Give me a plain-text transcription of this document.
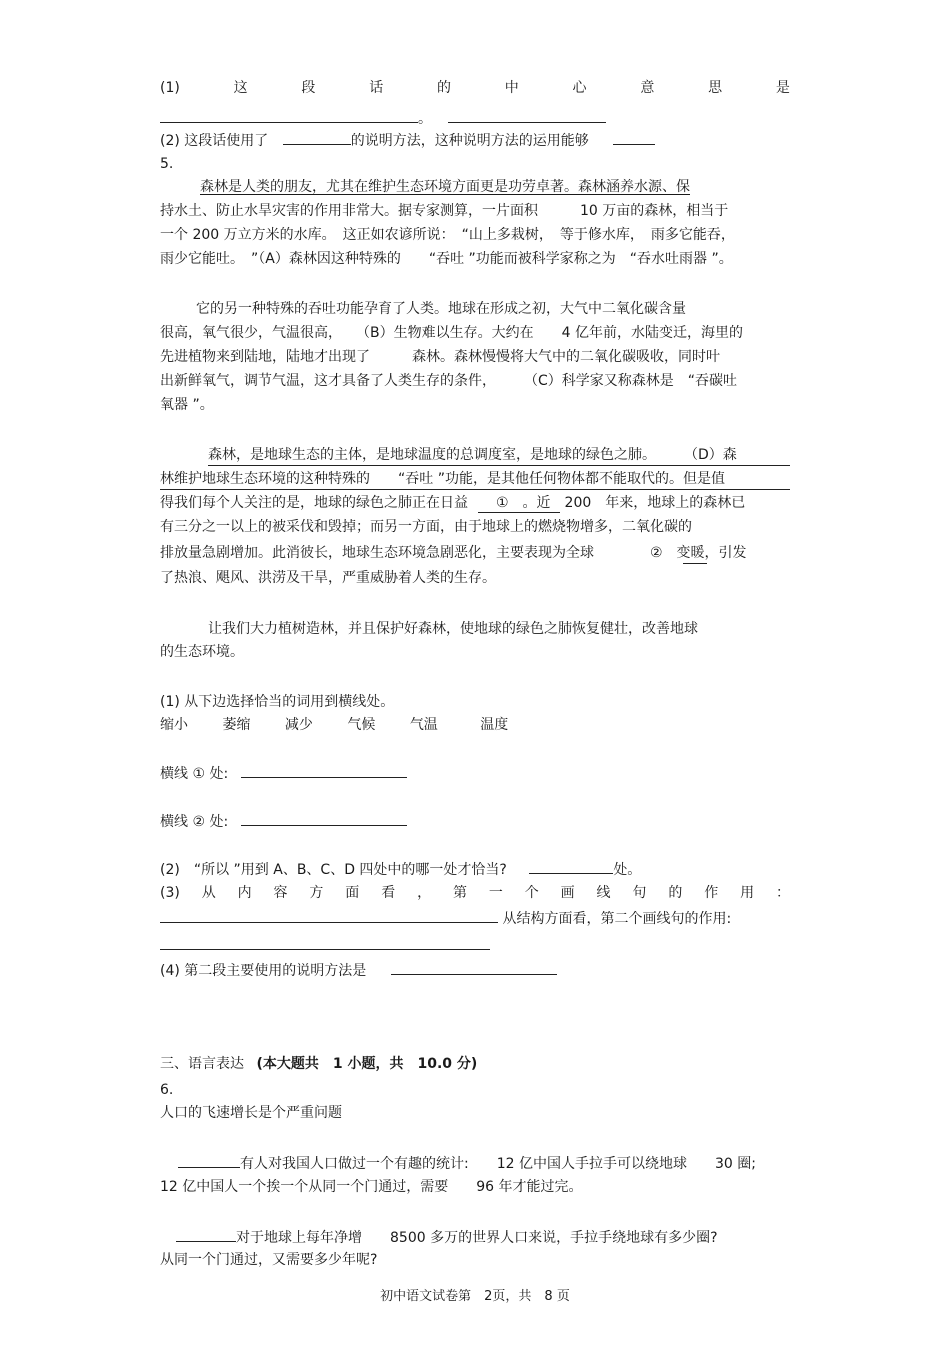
(1)	这	段	话	的	中	心	意	思	是
。
(2) 这段话使用了	的说明方法，这种说明方法的运用能够
5.
森林是人类的朋友，尤其在维护生态环境方面更是功劳卓著。森林涵养水源、保
持水土、防止水旱灾害的作用非常大。据专家测算，一片面积　　　10 万亩的森林，相当于
一个 200 万立方米的水库。　这正如农谚所说：　“山上多栽树，　等于修水库，　雨多它能吞，
雨少它能吐。　”（A）森林因这种特殊的　　“吞吐 ”功能而被科学家称之为　“吞水吐雨器 ”。
它的另一种特殊的吞吐功能孕育了人类。地球在形成之初，大气中二氧化碳含量
很高，氧气很少，气温很高，　　（B）生物难以生存。大约在　　4 亿年前，水陆变迁，海里的
先进植物来到陆地，陆地才出现了　　　森林。森林慢慢将大气中的二氧化碳吸收，同时叶
出新鲜氧气，调节气温，这才具备了人类生存的条件，　　　（C）科学家又称森林是　“吞碳吐
氧器 ”。
森林，是地球生态的主体，是地球温度的总调度室，是地球的绿色之肺。　　　（D）森
林维护地球生态环境的这种特殊的　　“吞吐 ”功能，是其他任何物体都不能取代的。但是值
得我们每个人关注的是，地球的绿色之肺正在日益　　①　。近　200　年来，地球上的森林已
有三分之一以上的被采伐和毁掉；而另一方面，由于地球上的燃烧物增多，二氧化碳的
排放量急剧增加。此消彼长，地球生态环境急剧恶化，主要表现为全球　　　　②　变暖，引发
了热浪、飓风、洪涝及干旱，严重威胁着人类的生存。
让我们大力植树造林，并且保护好森林，使地球的绿色之肺恢复健壮，改善地球
的生态环境。
(1) 从下边选择恰当的词用到横线处。
缩小 萎缩 减少 气候 气温	温度
横线 ① 处:
横线 ② 处:
(2)　“所以 ”用到 A、B、C、D 四处中的哪一处才恰当?	处。
(3) 从 内 容 方 面 看 ， 第 一 个 画 线 句 的 作 用 ：
从结构方面看，第二个画线句的作用:
(4) 第二段主要使用的说明方法是
三、语言表达 (本大题共　1 小题，共　10.0 分)
6.
人口的飞速增长是个严重问题
有人对我国人口做过一个有趣的统计:　　12 亿中国人手拉手可以绕地球　　30 圈;
12 亿中国人一个挨一个从同一个门通过，需要　　96 年才能过完。
对于地球上每年净增　　8500 多万的世界人口来说，手拉手绕地球有多少圈?
从同一个门通过，又需要多少年呢?
初中语文试卷第　2页，共　8 页
